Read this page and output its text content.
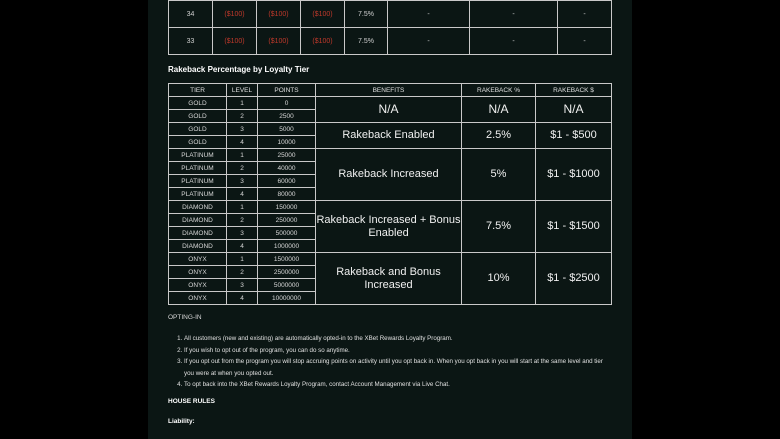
34	($100)	($100)	($100)	7.5%	-	-	-
33	($100)	($100)	($100)	7.5%	-	-	-
Rakeback Percentage by Loyalty Tier
TIER	LEVEL	POINTS	BENEFITS	RAKEBACK %	RAKEBACK $
GOLD	1	0	N/A	N/A	N/A
GOLD	2	2500			
GOLD	3	5000	Rakeback Enabled	2.5%	$1 - $500
GOLD	4	10000			
PLATINUM	1	25000	Rakeback Increased	5%	$1 - $1000
PLATINUM	2	40000			
PLATINUM	3	60000			
PLATINUM	4	80000			
DIAMOND	1	150000	Rakeback Increased + Bonus Enabled	7.5%	$1 - $1500
DIAMOND	2	250000			
DIAMOND	3	500000			
DIAMOND	4	1000000			
ONYX	1	1500000	Rakeback and Bonus Increased	10%	$1 - $2500
ONYX	2	2500000			
ONYX	3	5000000			
ONYX	4	10000000			
OPTING-IN
1. All customers (new and existing) are automatically opted-in to the XBet Rewards Loyalty Program.
2. If you wish to opt out of the program, you can do so anytime.
3. If you opt out from the program you will stop accruing points on activity until you opt back in. When you opt back in you will start at the same level and tier you were at when you opted out.
4. To opt back into the XBet Rewards Loyalty Program, contact Account Management via Live Chat.
HOUSE RULES
Liability:
